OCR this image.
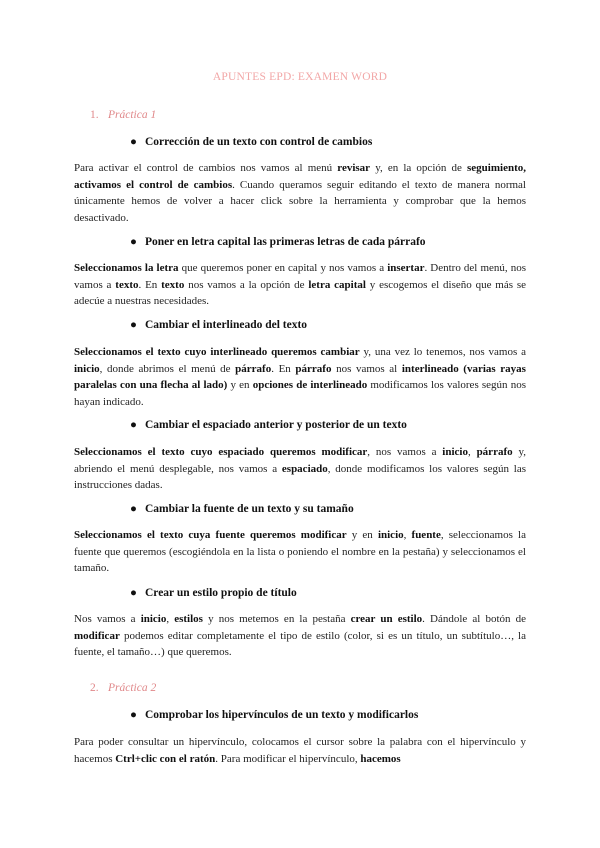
APUNTES EPD: EXAMEN WORD
1. Práctica 1
● Corrección de un texto con control de cambios
Para activar el control de cambios nos vamos al menú revisar y, en la opción de seguimiento, activamos el control de cambios. Cuando queramos seguir editando el texto de manera normal únicamente hemos de volver a hacer click sobre la herramienta y comprobar que la hemos desactivado.
● Poner en letra capital las primeras letras de cada párrafo
Seleccionamos la letra que queremos poner en capital y nos vamos a insertar. Dentro del menú, nos vamos a texto. En texto nos vamos a la opción de letra capital y escogemos el diseño que más se adecúe a nuestras necesidades.
● Cambiar el interlineado del texto
Seleccionamos el texto cuyo interlineado queremos cambiar y, una vez lo tenemos, nos vamos a inicio, donde abrimos el menú de párrafo. En párrafo nos vamos al interlineado (varias rayas paralelas con una flecha al lado) y en opciones de interlineado modificamos los valores según nos hayan indicado.
● Cambiar el espaciado anterior y posterior de un texto
Seleccionamos el texto cuyo espaciado queremos modificar, nos vamos a inicio, párrafo y, abriendo el menú desplegable, nos vamos a espaciado, donde modificamos los valores según las instrucciones dadas.
● Cambiar la fuente de un texto y su tamaño
Seleccionamos el texto cuya fuente queremos modificar y en inicio, fuente, seleccionamos la fuente que queremos (escogiéndola en la lista o poniendo el nombre en la pestaña) y seleccionamos el tamaño.
● Crear un estilo propio de título
Nos vamos a inicio, estilos y nos metemos en la pestaña crear un estilo. Dándole al botón de modificar podemos editar completamente el tipo de estilo (color, si es un título, un subtítulo…, la fuente, el tamaño…) que queremos.
2. Práctica 2
● Comprobar los hipervínculos de un texto y modificarlos
Para poder consultar un hipervínculo, colocamos el cursor sobre la palabra con el hipervínculo y hacemos Ctrl+clic con el ratón. Para modificar el hipervínculo, hacemos
